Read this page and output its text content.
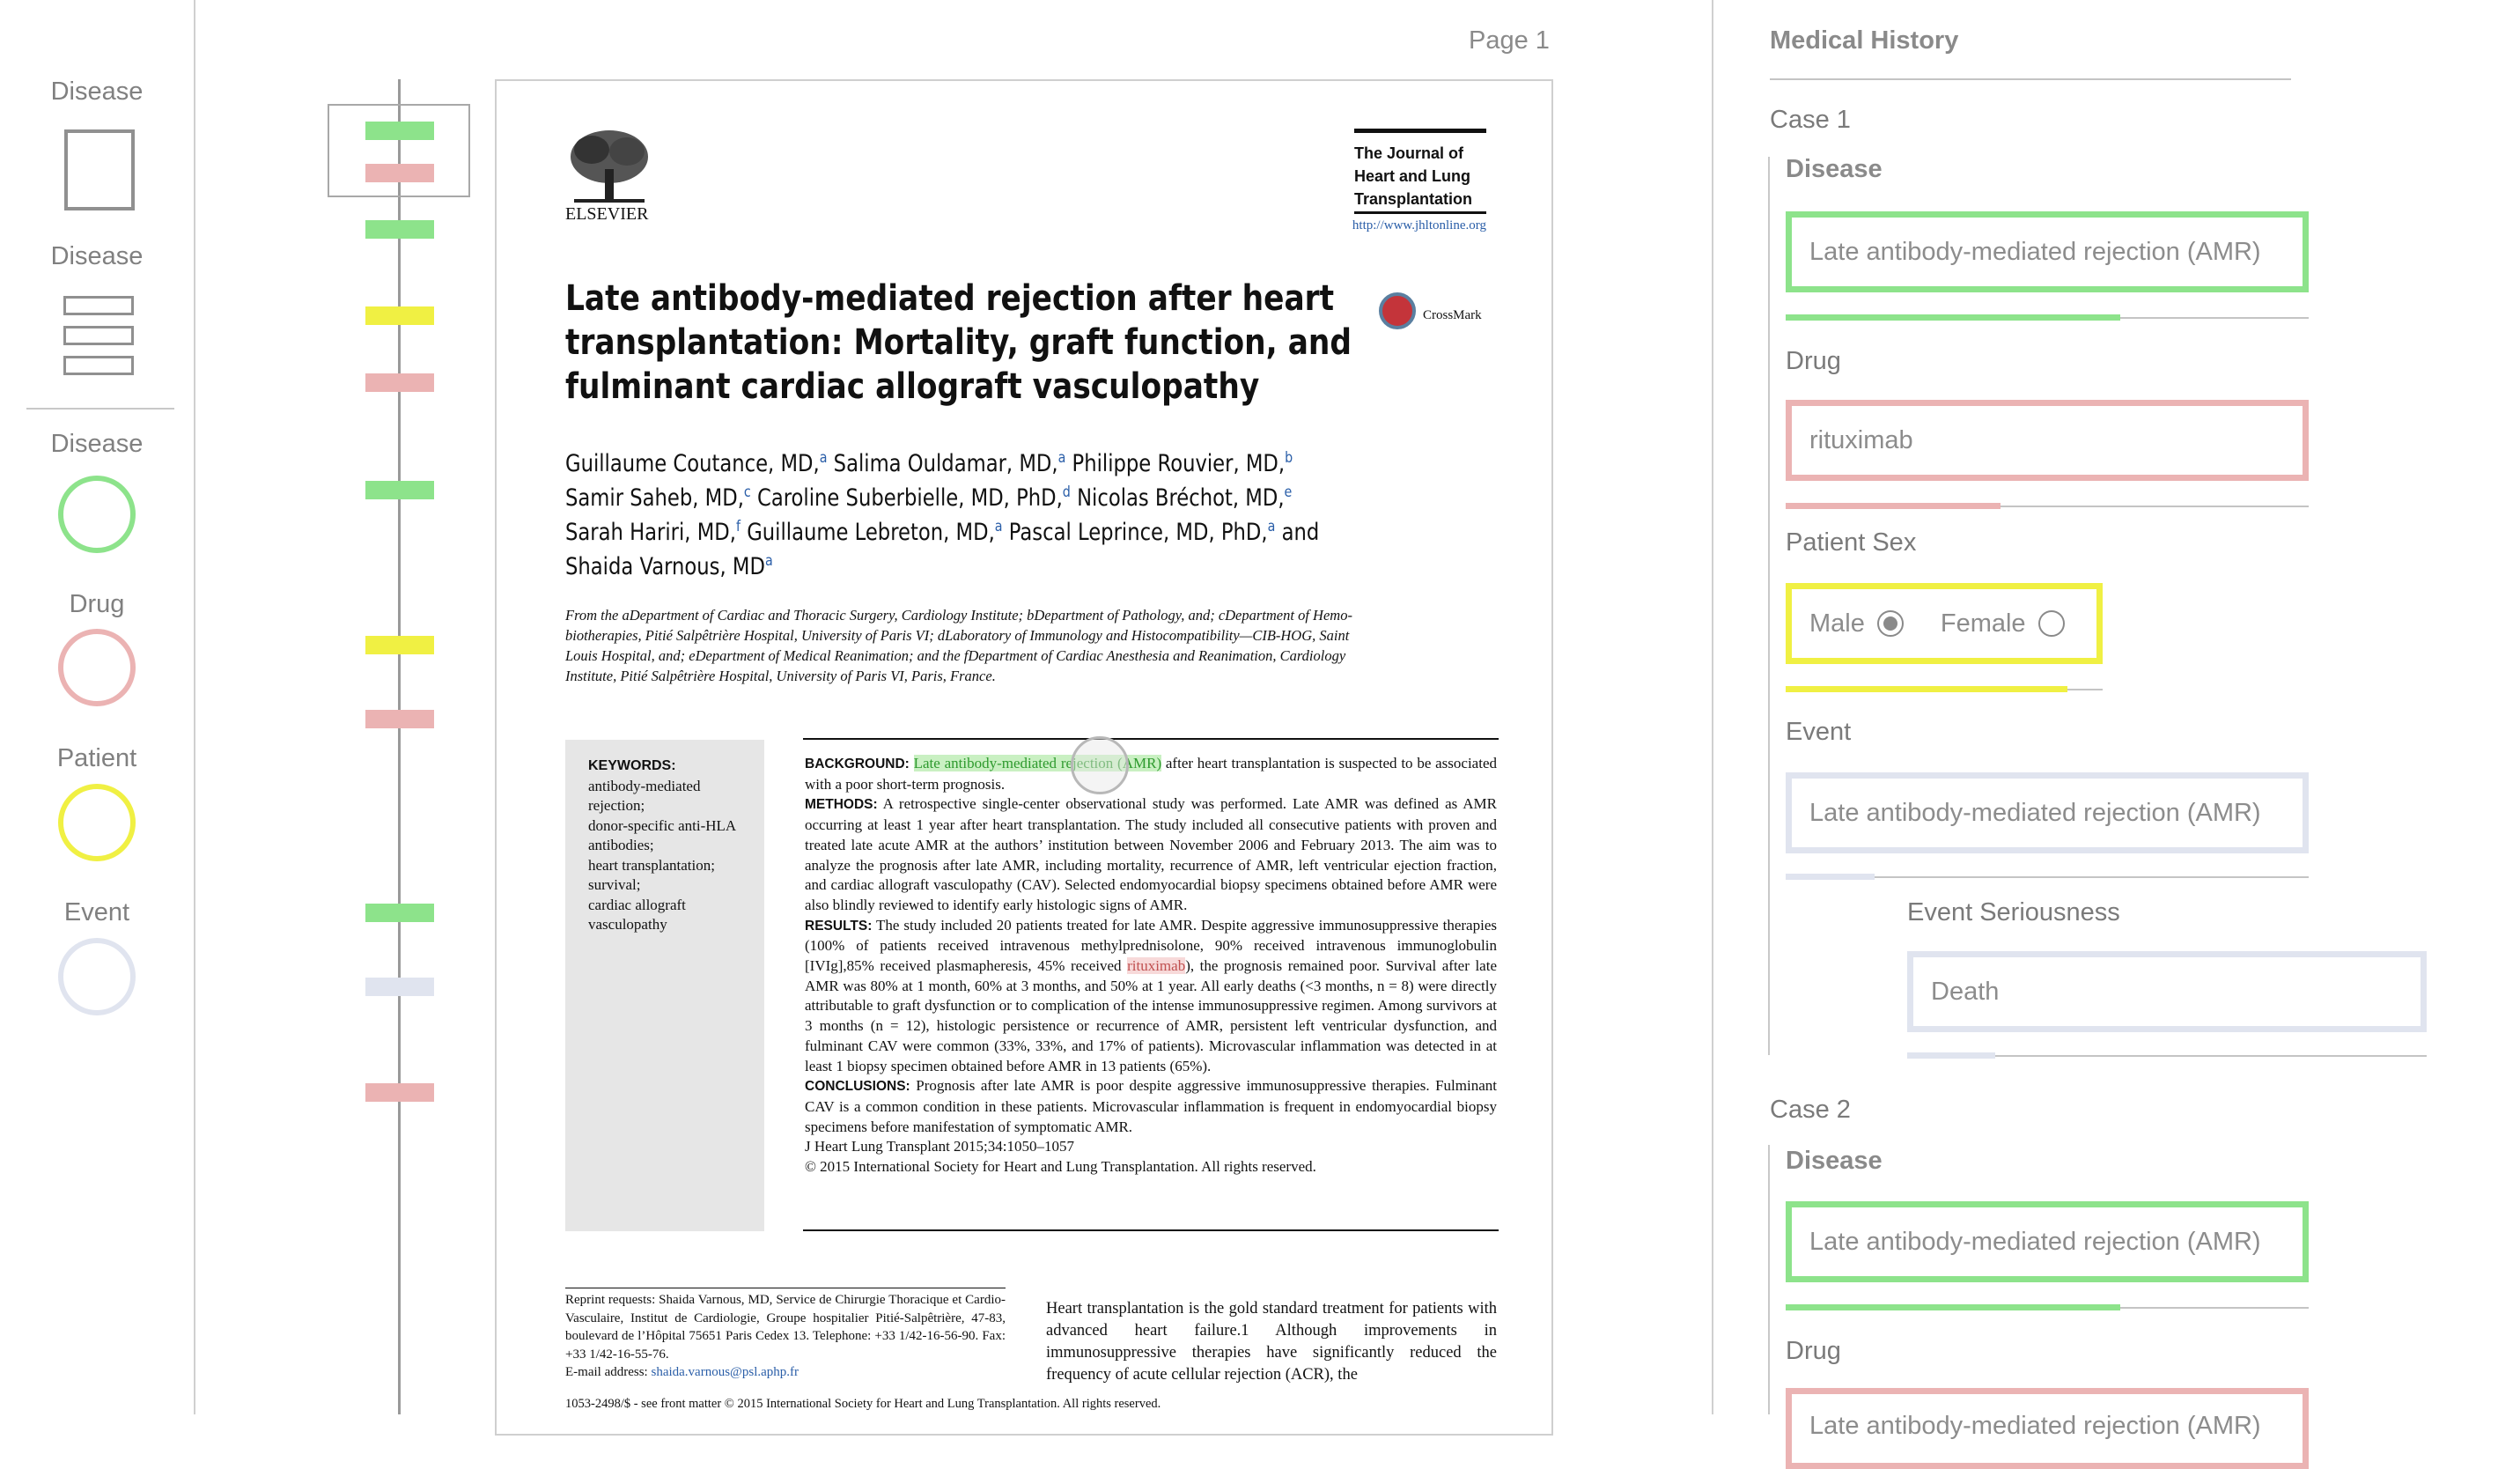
Disease
Disease
Disease
Drug
Patient
Event
Page 1
ELSEVIER
The Journal of
Heart and Lung
Transplantation
http://www.jhltonline.org
CrossMark
Late antibody-mediated rejection after heart transplantation: Mortality, graft function, and fulminant cardiac allograft vasculopathy
Guillaume Coutance, MD,$^a$ Salima Ouldamar, MD,$^a$ Philippe Rouvier, MD,$^b$ Samir Saheb, MD,$^c$ Caroline Suberbielle, MD, PhD,$^d$ Nicolas Bréchot, MD,$^e$ Sarah Hariri, MD,$^f$ Guillaume Lebreton, MD,$^a$ Pascal Leprince, MD, PhD,$^a$ and Shaida Varnous, $MD^a$
From the aDepartment of Cardiac and Thoracic Surgery, Cardiology Institute; bDepartment of Pathology, and; cDepartment of Hemo-biotherapies, Pitié Salpêtrière Hospital, University of Paris VI; dLaboratory of Immunology and Histocompatibility—CIB-HOG, Saint Louis Hospital, and; eDepartment of Medical Reanimation; and the fDepartment of Cardiac Anesthesia and Reanimation, Cardiology Institute, Pitié Salpêtrière Hospital, University of Paris VI, Paris, France.
KEYWORDS:
antibody-mediated rejection;
donor-specific anti-HLA antibodies;
heart transplantation;
survival;
cardiac allograft vasculopathy
BACKGROUND: Late antibody-mediated rejection (AMR) after heart transplantation is suspected to be associated with a poor short-term prognosis.
METHODS: A retrospective single-center observational study was performed. Late AMR was defined as AMR occurring at least 1 year after heart transplantation. The study included all consecutive patients with proven and treated late acute AMR at the authors’ institution between November 2006 and February 2013. The aim was to analyze the prognosis after late AMR, including mortality, recurrence of AMR, left ventricular ejection fraction, and cardiac allograft vasculopathy (CAV). Selected endomyocardial biopsy specimens obtained before AMR were also blindly reviewed to identify early histologic signs of AMR.
RESULTS: The study included 20 patients treated for late AMR. Despite aggressive immunosuppressive therapies (100% of patients received intravenous methylprednisolone, 90% received intravenous immunoglobulin [IVIg],85% received plasmapheresis, 45% received rituximab), the prognosis remained poor. Survival after late AMR was 80% at 1 month, 60% at 3 months, and 50% at 1 year. All early deaths (<3 months, n = 8) were directly attributable to graft dysfunction or to complication of the intense immunosuppressive regimen. Among survivors at 3 months (n = 12), histologic persistence or recurrence of AMR, persistent left ventricular dysfunction, and fulminant CAV were common (33%, 33%, and 17% of patients). Microvascular inflammation was detected in at least 1 biopsy specimen obtained before AMR in 13 patients (65%).
CONCLUSIONS: Prognosis after late AMR is poor despite aggressive immunosuppressive therapies. Fulminant CAV is a common condition in these patients. Microvascular inflammation is frequent in endomyocardial biopsy specimens before manifestation of symptomatic AMR.
J Heart Lung Transplant 2015;34:1050–1057
© 2015 International Society for Heart and Lung Transplantation. All rights reserved.
Reprint requests: Shaida Varnous, MD, Service de Chirurgie Thoracique et Cardio-Vasculaire, Institut de Cardiologie, Groupe hospitalier Pitié-Salpêtrière, 47-83, boulevard de l’Hôpital 75651 Paris Cedex 13. Telephone: +33 1/42-16-56-90. Fax: +33 1/42-16-55-76.
E-mail address: shaida.varnous@psl.aphp.fr
Heart transplantation is the gold standard treatment for patients with advanced heart failure.1 Although improvements in immunosuppressive therapies have significantly reduced the frequency of acute cellular rejection (ACR), the
1053-2498/$ - see front matter © 2015 International Society for Heart and Lung Transplantation. All rights reserved.
Medical History
Case 1
Disease
Late antibody-mediated rejection (AMR)
Drug
rituximab
Patient Sex
Male	Female
Event
Late antibody-mediated rejection (AMR)
Event Seriousness
Death
Case 2
Disease
Late antibody-mediated rejection (AMR)
Drug
Late antibody-mediated rejection (AMR)
